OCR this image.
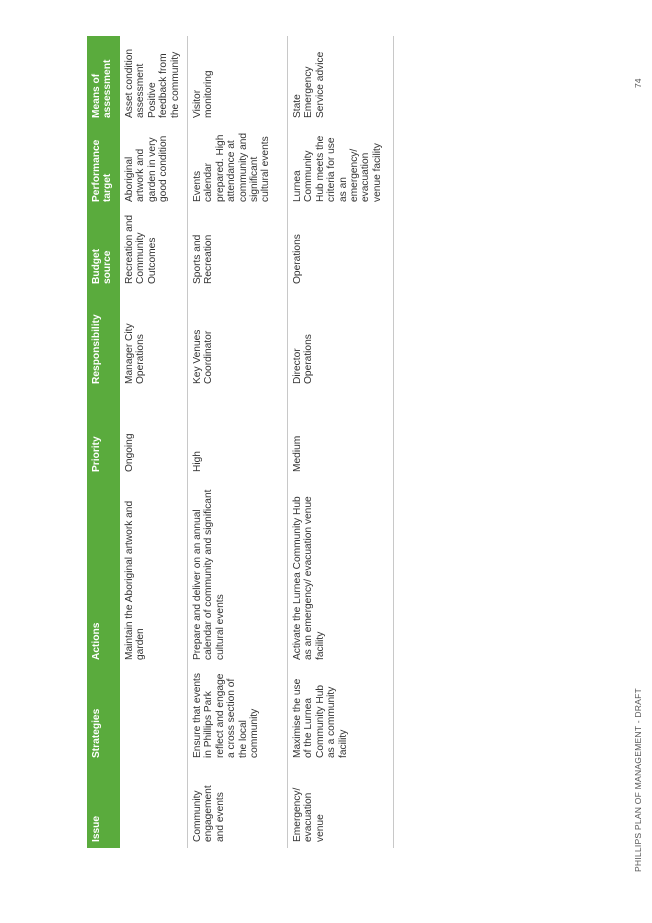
Issue	Strategies	Actions	Priority	Responsibility	Budget source	Performance target	Means of assessment
		Maintain the Aboriginal artwork and garden	Ongoing	Manager City Operations	Recreation and Community Outcomes	Aboriginal artwork and garden in very good condition	Asset condition assessment Positive feedback from the community
Community engagement and events	Ensure that events in Phillips Park reflect and engage a cross section of the local community	Prepare and deliver on an annual calendar of community and significant cultural events	High	Key Venues Coordinator	Sports and Recreation	Events calendar prepared. High attendance at community and significant cultural events	Visitor monitoring
Emergency/ evacuation venue	Maximise the use of the Lurnea Community Hub as a community facility	Activate the Lurnea Community Hub as an emergency/ evacuation venue facility	Medium	Director Operations	Operations	Lurnea Community Hub meets the criteria for use as an emergency/ evacuation venue facility	State Emergency Service advice
PHILLIPS PLAN OF MANAGEMENT - DRAFT
74
